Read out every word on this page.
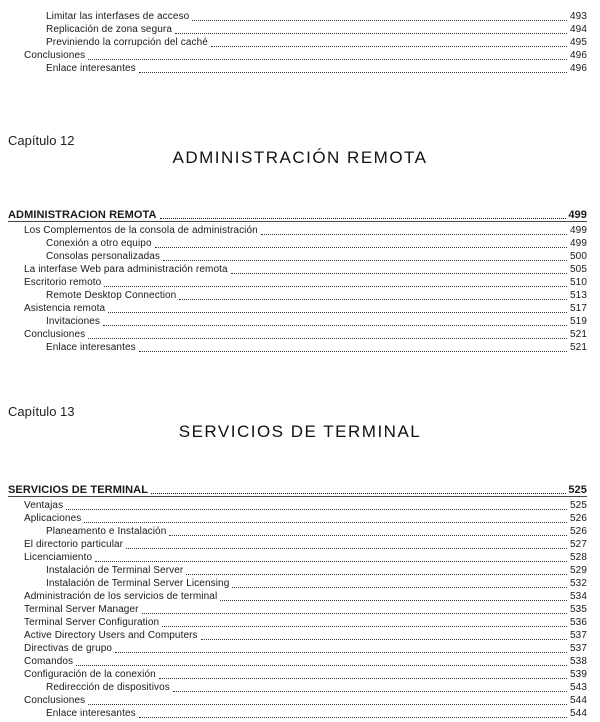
Limitar las interfases de acceso	493
Replicación de zona segura	494
Previniendo la corrupción del caché	495
Conclusiones	496
Enlace interesantes	496
Capítulo 12
ADMINISTRACIÓN REMOTA
ADMINISTRACION REMOTA	499
Los Complementos de la consola de administración	499
Conexión a otro equipo	499
Consolas personalizadas	500
La interfase Web para administración remota	505
Escritorio remoto	510
Remote Desktop Connection	513
Asistencia remota	517
Invitaciones	519
Conclusiones	521
Enlace interesantes	521
Capítulo 13
SERVICIOS DE TERMINAL
SERVICIOS DE TERMINAL	525
Ventajas	525
Aplicaciones	526
Planeamento e Instalación	526
El directorio particular	527
Licenciamiento	528
Instalación de Terminal Server	529
Instalación de Terminal Server Licensing	532
Administración de los servicios de terminal	534
Terminal Server Manager	535
Terminal Server Configuration	536
Active Directory Users and Computers	537
Directivas de grupo	537
Comandos	538
Configuración de la conexión	539
Redirección de dispositivos	543
Conclusiones	544
Enlace interesantes	544
